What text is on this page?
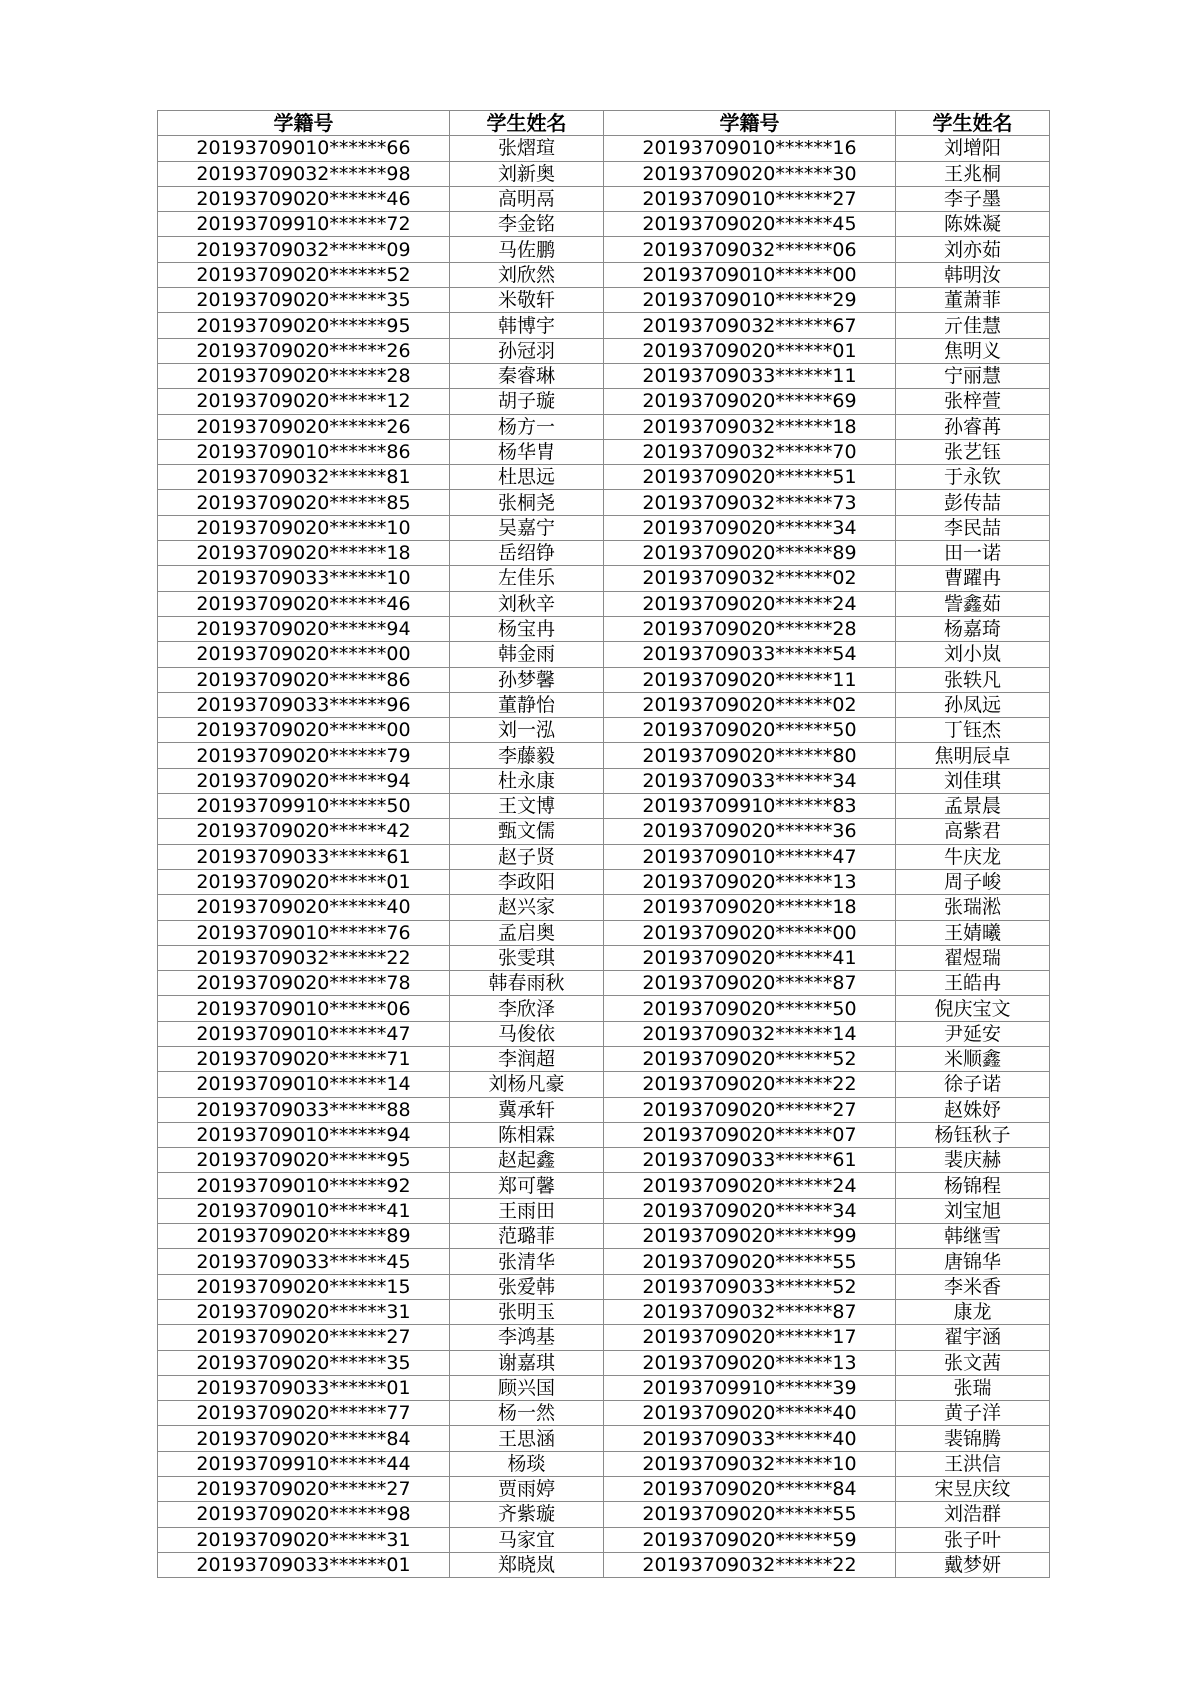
学籍号	学生姓名	学籍号	学生姓名
20193709010******66	张熠瑄	20193709010******16	刘增阳
20193709032******98	刘新奥	20193709020******30	王兆桐
20193709020******46	高明鬲	20193709010******27	李子墨
20193709910******72	李金铭	20193709020******45	陈姝凝
20193709032******09	马佐鹏	20193709032******06	刘亦茹
20193709020******52	刘欣然	20193709010******00	韩明汝
20193709020******35	米敬轩	20193709010******29	董萧菲
20193709020******95	韩博宇	20193709032******67	亓佳慧
20193709020******26	孙冠羽	20193709020******01	焦明义
20193709020******28	秦睿琳	20193709033******11	宁丽慧
20193709020******12	胡子璇	20193709020******69	张梓萱
20193709020******26	杨方一	20193709032******18	孙睿苒
20193709010******86	杨华胄	20193709032******70	张艺钰
20193709032******81	杜思远	20193709020******51	于永钦
20193709020******85	张桐尧	20193709032******73	彭传喆
20193709020******10	吴嘉宁	20193709020******34	李民喆
20193709020******18	岳绍铮	20193709020******89	田一诺
20193709033******10	左佳乐	20193709032******02	曹躍冉
20193709020******46	刘秋辛	20193709020******24	訾鑫茹
20193709020******94	杨宝冉	20193709020******28	杨嘉琦
20193709020******00	韩金雨	20193709033******54	刘小岚
20193709020******86	孙梦馨	20193709020******11	张轶凡
20193709033******96	董静怡	20193709020******02	孙凤远
20193709020******00	刘一泓	20193709020******50	丁钰杰
20193709020******79	李藤毅	20193709020******80	焦明辰卓
20193709020******94	杜永康	20193709033******34	刘佳琪
20193709910******50	王文博	20193709910******83	孟景晨
20193709020******42	甄文儒	20193709020******36	高紫君
20193709033******61	赵子贤	20193709010******47	牛庆龙
20193709020******01	李政阳	20193709020******13	周子峻
20193709020******40	赵兴家	20193709020******18	张瑞淞
20193709010******76	孟启奥	20193709020******00	王婧曦
20193709032******22	张雯琪	20193709020******41	翟煜瑞
20193709020******78	韩春雨秋	20193709020******87	王皓冉
20193709010******06	李欣泽	20193709020******50	倪庆宝文
20193709010******47	马俊依	20193709032******14	尹延安
20193709020******71	李润超	20193709020******52	米顺鑫
20193709010******14	刘杨凡豪	20193709020******22	徐子诺
20193709033******88	冀承轩	20193709020******27	赵姝妤
20193709010******94	陈相霖	20193709020******07	杨钰秋子
20193709020******95	赵起鑫	20193709033******61	裴庆赫
20193709010******92	郑可馨	20193709020******24	杨锦程
20193709010******41	王雨田	20193709020******34	刘宝旭
20193709020******89	范璐菲	20193709020******99	韩继雪
20193709033******45	张清华	20193709020******55	唐锦华
20193709020******15	张爱韩	20193709033******52	李米香
20193709020******31	张明玉	20193709032******87	康龙
20193709020******27	李鸿基	20193709020******17	翟宇涵
20193709020******35	谢嘉琪	20193709020******13	张文茜
20193709033******01	顾兴国	20193709910******39	张瑞
20193709020******77	杨一然	20193709020******40	黄子洋
20193709020******84	王思涵	20193709033******40	裴锦腾
20193709910******44	杨琰	20193709032******10	王洪信
20193709020******27	贾雨婷	20193709020******84	宋昱庆纹
20193709020******98	齐紫璇	20193709020******55	刘浩群
20193709020******31	马家宜	20193709020******59	张子叶
20193709033******01	郑晓岚	20193709032******22	戴梦妍
